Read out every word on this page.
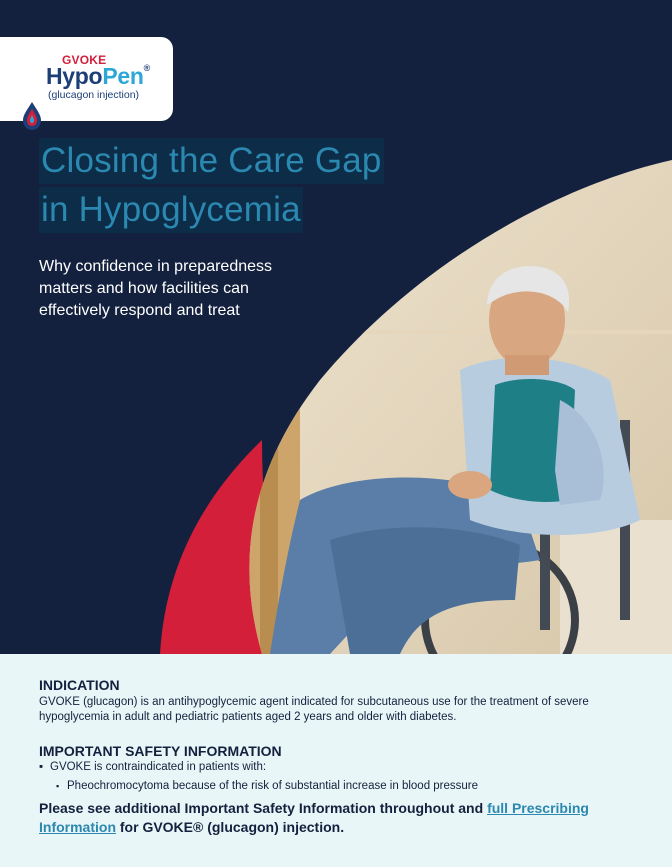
GVOKE
HypoPen®
(glucagon injection)
Closing the Care Gap
in Hypoglycemia
Why confidence in preparedness matters and how facilities can effectively respond and treat
INDICATION
GVOKE (glucagon) is an antihypoglycemic agent indicated for subcutaneous use for the treatment of severe hypoglycemia in adult and pediatric patients aged 2 years and older with diabetes.
IMPORTANT SAFETY INFORMATION
▪ GVOKE is contraindicated in patients with:
▪ Pheochromocytoma because of the risk of substantial increase in blood pressure
Please see additional Important Safety Information throughout and full Prescribing Information for GVOKE® (glucagon) injection.
